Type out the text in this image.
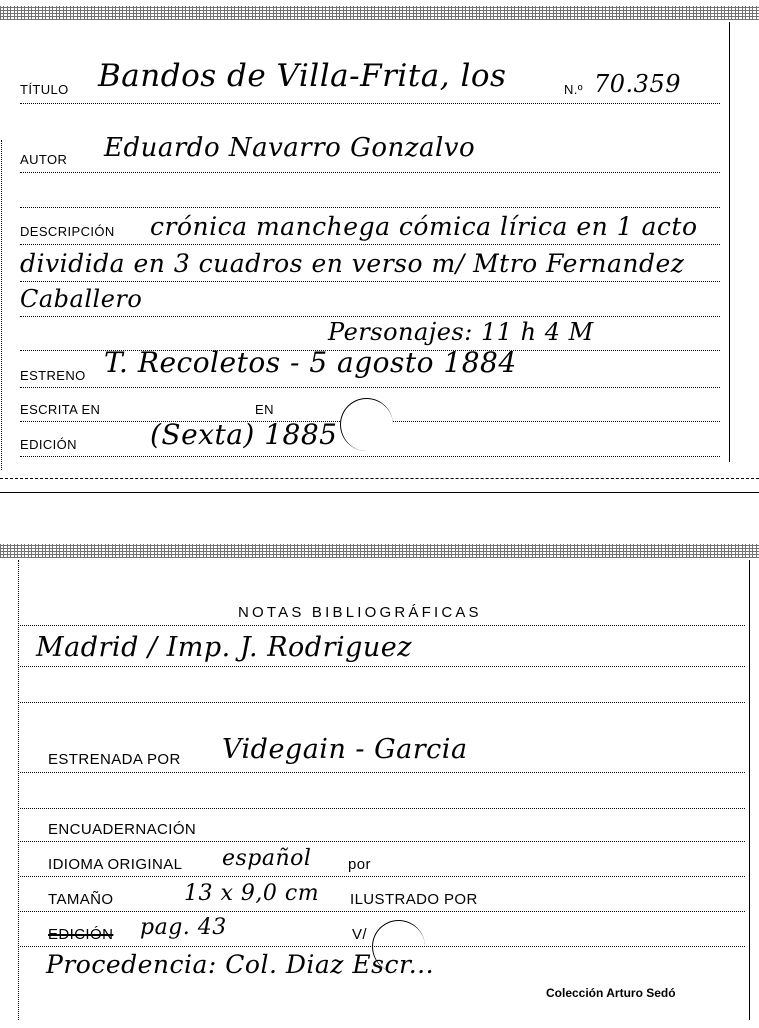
TÍTULO Bandos de Villa-Frita, los	N.º 70.359
AUTOR Eduardo Navarro Gonzalvo
DESCRIPCIÓN crónica manchega cómica lírica en 1 acto
dividida en 3 cuadros en verso m/ Mtro Fernandez
Caballero
Personajes: 11 h 4 M
ESTRENO T. Recoletos - 5 agosto 1884
ESCRITA EN	EN
EDICIÓN	(Sexta) 1885
NOTAS BIBLIOGRÁFICAS
Madrid / Imp. J. Rodriguez
ESTRENADA POR Videgain - Garcia
ENCUADERNACIÓN
IDIOMA ORIGINAL español por
TAMAÑO	13 x 9,0 cm ILUSTRADO POR
EDICIÓN pag. 43	V/
Procedencia: Col. Diaz Escr...
Colección Arturo Sedó
